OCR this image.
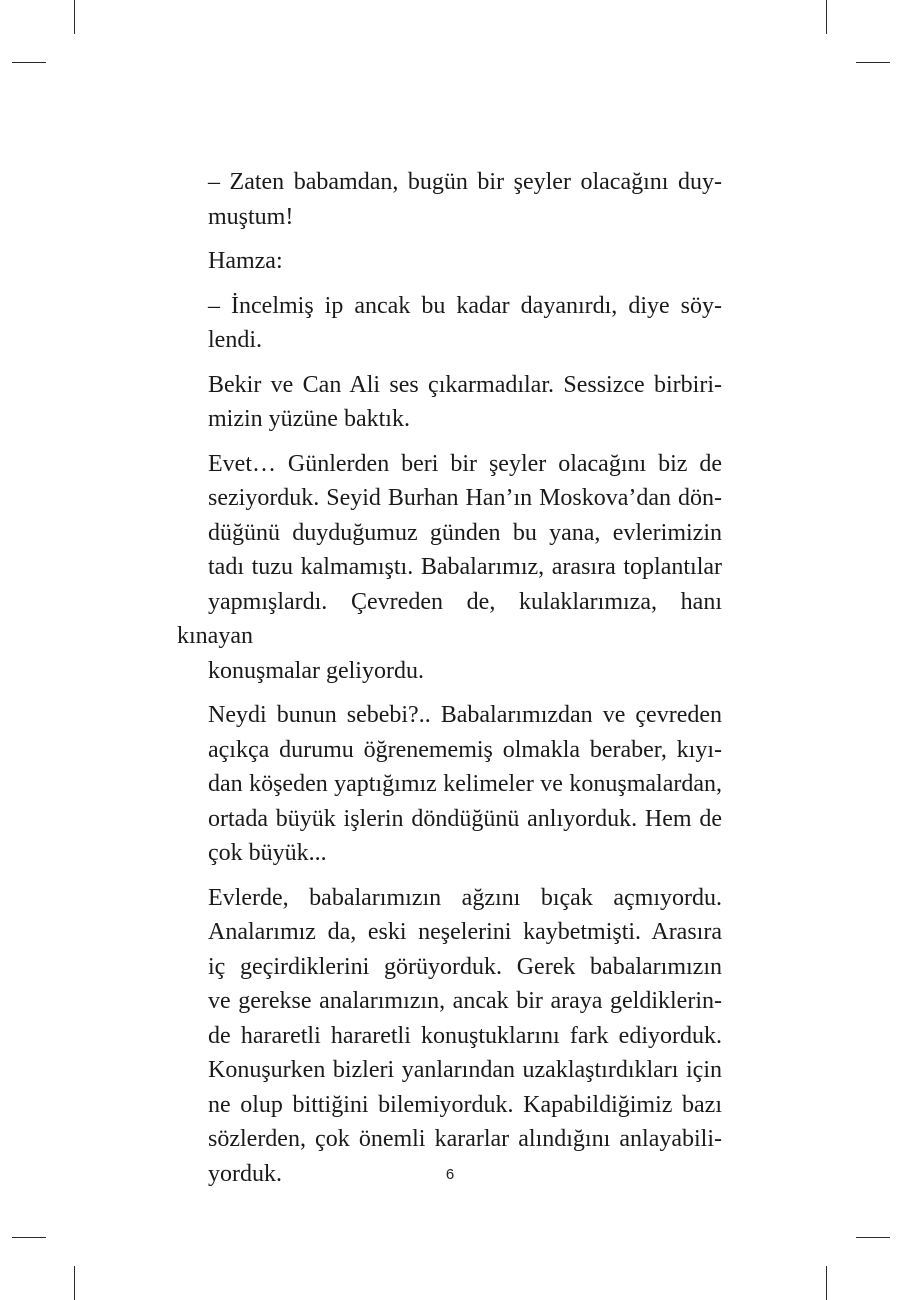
– Zaten babamdan, bugün bir şeyler olacağını duy-
muştum!

Hamza:

– İncelmiş ip ancak bu kadar dayanırdı, diye söy-
lendi.

Bekir ve Can Ali ses çıkarmadılar. Sessizce birbiri-
mizin yüzüne baktık.

Evet… Günlerden beri bir şeyler olacağını biz de
seziyorduk. Seyid Burhan Han’ın Moskova’dan dön-
düğünü duyduğumuz günden bu yana, evlerimizin
tadı tuzu kalmamıştı. Babalarımız, arasıra toplantılar
yapmışlardı. Çevreden de, kulaklarımıza, hanı kınayan
konuşmalar geliyordu.

Neydi bunun sebebi?.. Babalarımızdan ve çevreden
açıkça durumu öğrenememiş olmakla beraber, kıyı-
dan köşeden yaptığımız kelimeler ve konuşmalardan,
ortada büyük işlerin döndüğünü anlıyorduk. Hem de
çok büyük...

Evlerde, babalarımızın ağzını bıçak açmıyordu.
Analarımız da, eski neşelerini kaybetmişti. Arasıra
iç geçirdiklerini görüyorduk. Gerek babalarımızın
ve gerekse analarımızın, ancak bir araya geldiklerin-
de hararetli hararetli konuştuklarını fark ediyorduk.
Konuşurken bizleri yanlarından uzaklaştırdıkları için
ne olup bittiğini bilemiyorduk. Kapabildiğimiz bazı
sözlerden, çok önemli kararlar alındığını anlayabili-
yorduk.	6
